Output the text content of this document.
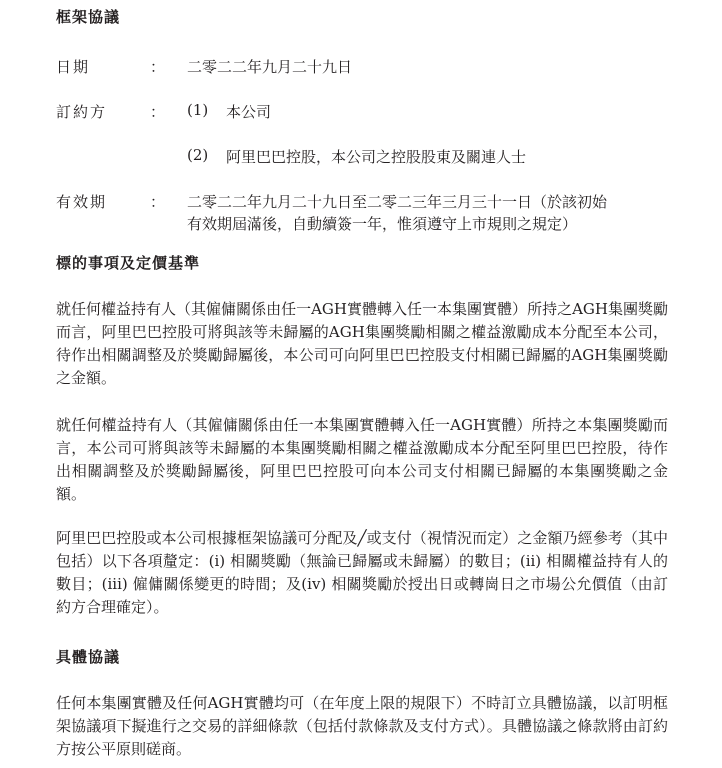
框架協議
日期	： 二零二二年九月二十九日
訂約方	： (1) 本公司
(2) 阿里巴巴控股，本公司之控股股東及關連人士
有效期	： 二零二二年九月二十九日至二零二三年三月三十一日（於該初始
有效期屆滿後，自動續簽一年，惟須遵守上市規則之規定）
標的事項及定價基準

就任何權益持有人（其僱傭關係由任一AGH實體轉入任一本集團實體）所持之AGH集團獎勵而言，阿里巴巴控股可將與該等未歸屬的AGH集團獎勵相關之權益激勵成本分配至本公司，待作出相關調整及於獎勵歸屬後，本公司可向阿里巴巴控股支付相關已歸屬的AGH集團獎勵之金額。

就任何權益持有人（其僱傭關係由任一本集團實體轉入任一AGH實體）所持之本集團獎勵而言，本公司可將與該等未歸屬的本集團獎勵相關之權益激勵成本分配至阿里巴巴控股，待作出相關調整及於獎勵歸屬後，阿里巴巴控股可向本公司支付相關已歸屬的本集團獎勵之金額。

阿里巴巴控股或本公司根據框架協議可分配及╱或支付（視情況而定）之金額乃經參考（其中包括）以下各項釐定：(i) 相關獎勵（無論已歸屬或未歸屬）的數目；(ii) 相關權益持有人的數目；(iii) 僱傭關係變更的時間；及(iv) 相關獎勵於授出日或轉崗日之市場公允價值（由訂約方合理確定）。

具體協議

任何本集團實體及任何AGH實體均可（在年度上限的規限下）不時訂立具體協議，以訂明框架協議項下擬進行之交易的詳細條款（包括付款條款及支付方式）。具體協議之條款將由訂約方按公平原則磋商。
